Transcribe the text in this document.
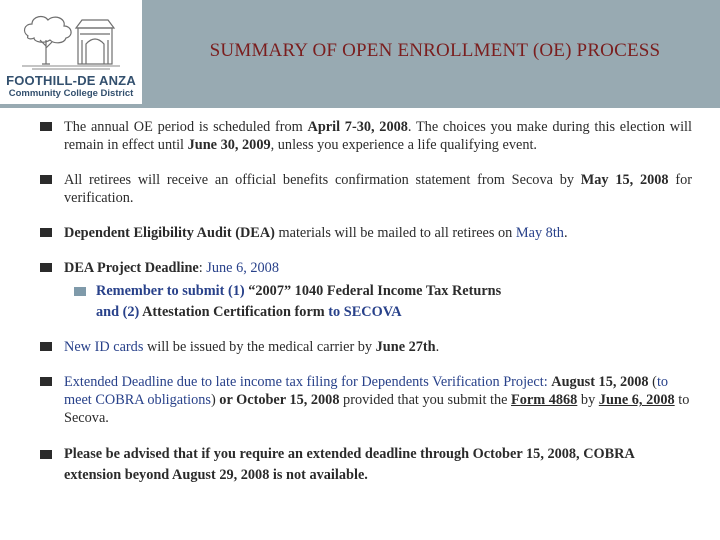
FOOTHILL-DE ANZA
Community College District
SUMMARY OF OPEN ENROLLMENT (OE) PROCESS
The annual OE period is scheduled from April 7-30, 2008. The choices you make during this election will remain in effect until June 30, 2009, unless you experience a life qualifying event.
All retirees will receive an official benefits confirmation statement from Secova by May 15, 2008 for verification.
Dependent Eligibility Audit (DEA) materials will be mailed to all retirees on May 8th.
DEA Project Deadline: June 6, 2008
Remember to submit (1) “2007” 1040 Federal Income Tax Returns
and (2) Attestation Certification form to SECOVA
New ID cards will be issued by the medical carrier by June 27th.
Extended Deadline due to late income tax filing for Dependents Verification Project: August 15, 2008 (to meet COBRA obligations) or October 15, 2008 provided that you submit the Form 4868 by June 6, 2008 to Secova.
Please be advised that if you require an extended deadline through October 15, 2008, COBRA extension beyond August 29, 2008 is not available.
